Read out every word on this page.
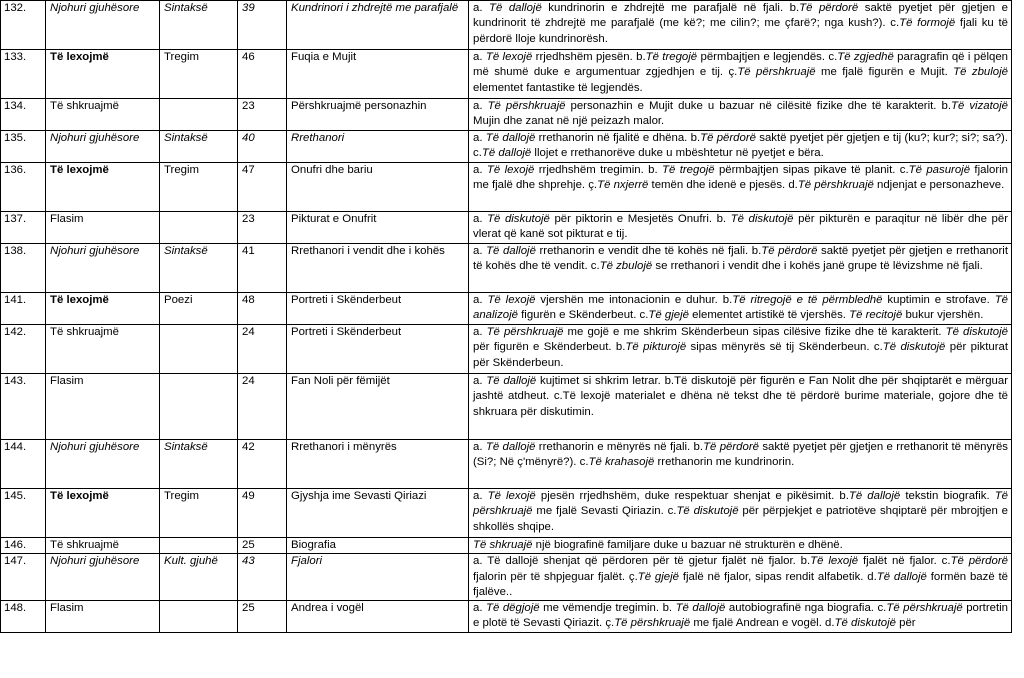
132.	Njohuri gjuhësore	Sintaksë	39	Kundrinori i zhdrejtë me parafjalë	a. Të dallojë kundrinorin e zhdrejtë me parafjalë në fjali. b.Të përdorë saktë pyetjet për gjetjen e kundrinorit të zhdrejtë me parafjalë (me kë?; me cilin?; me çfarë?; nga kush?). c.Të formojë fjali ku të përdorë lloje kundrinorësh.
133.	Të lexojmë	Tregim	46	Fuqia e Mujit	a. Të lexojë rrjedhshëm pjesën. b.Të tregojë përmbajtjen e legjendës. c.Të zgjedhë paragrafin që i pëlqen më shumë duke e argumentuar zgjedhjen e tij. ç.Të përshkruajë me fjalë figurën e Mujit. Të zbulojë elementet fantastike të legjendës.
134.	Të shkruajmë		23	Përshkruajmë personazhin	a. Të përshkruajë personazhin e Mujit duke u bazuar në cilësitë fizike dhe të karakterit. b.Të vizatojë Mujin dhe zanat në një peizazh malor.
135.	Njohuri gjuhësore	Sintaksë	40	Rrethanori	a. Të dallojë rrethanorin në fjalitë e dhëna. b.Të përdorë saktë pyetjet për gjetjen e tij (ku?; kur?; si?; sa?). c.Të dallojë llojet e rrethanorëve duke u mbështetur në pyetjet e bëra.
136.	Të lexojmë	Tregim	47	Onufri dhe bariu	a. Të lexojë rrjedhshëm tregimin. b. Të tregojë përmbajtjen sipas pikave të planit. c.Të pasurojë fjalorin me fjalë dhe shprehje. ç.Të nxjerrë temën dhe idenë e pjesës. d.Të përshkruajë ndjenjat e personazheve.
137.	Flasim		23	Pikturat e Onufrit	a. Të diskutojë për piktorin e Mesjetës Onufri. b. Të diskutojë për pikturën e paraqitur në libër dhe për vlerat që kanë sot pikturat e tij.
138.	Njohuri gjuhësore	Sintaksë	41	Rrethanori i vendit dhe i kohës	a. Të dallojë rrethanorin e vendit dhe të kohës në fjali. b.Të përdorë saktë pyetjet për gjetjen e rrethanorit të kohës dhe të vendit. c.Të zbulojë se rrethanori i vendit dhe i kohës janë grupe të lëvizshme në fjali.
141.	Të lexojmë	Poezi	48	Portreti i Skënderbeut	a. Të lexojë vjershën me intonacionin e duhur. b.Të ritregojë e të përmbledhë kuptimin e strofave. Të analizojë figurën e Skënderbeut. c.Të gjejë elementet artistikë të vjershës. Të recitojë bukur vjershën.
142.	Të shkruajmë		24	Portreti i Skënderbeut	a. Të përshkruajë me gojë e me shkrim Skënderbeun sipas cilësive fizike dhe të karakterit. Të diskutojë për figurën e Skënderbeut. b.Të pikturojë sipas mënyrës së tij Skënderbeun. c.Të diskutojë për pikturat për Skënderbeun.
143.	Flasim		24	Fan Noli për fëmijët	a. Të dallojë kujtimet si shkrim letrar. b.Të diskutojë për figurën e Fan Nolit dhe për shqiptarët e mërguar jashtë atdheut. c.Të lexojë materialet e dhëna në tekst dhe të përdorë burime materiale, gojore dhe të shkruara për diskutimin.
144.	Njohuri gjuhësore	Sintaksë	42	Rrethanori i mënyrës	a. Të dallojë rrethanorin e mënyrës në fjali. b.Të përdorë saktë pyetjet për gjetjen e rrethanorit të mënyrës (Si?; Në ç'mënyrë?). c.Të krahasojë rrethanorin me kundrinorin.
145.	Të lexojmë	Tregim	49	Gjyshja ime Sevasti Qiriazi	a. Të lexojë pjesën rrjedhshëm, duke respektuar shenjat e pikësimit. b.Të dallojë tekstin biografik. Të përshkruajë me fjalë Sevasti Qiriazin. c.Të diskutojë për përpjekjet e patriotëve shqiptarë për mbrojtjen e shkollës shqipe.
146.	Të shkruajmë		25	Biografia	Të shkruajë një biografinë familjare duke u bazuar në strukturën e dhënë.
147.	Njohuri gjuhësore	Kult. gjuhë	43	Fjalori	a. Të dallojë shenjat që përdoren për të gjetur fjalët në fjalor. b.Të lexojë fjalët në fjalor. c.Të përdorë fjalorin për të shpjeguar fjalët. ç.Të gjejë fjalë në fjalor, sipas rendit alfabetik. d.Të dallojë formën bazë të fjalëve..
148.	Flasim		25	Andrea i vogël	a. Të dëgjojë me vëmendje tregimin. b. Të dallojë autobiografinë nga biografia. c.Të përshkruajë portretin e plotë të Sevasti Qiriazit. ç.Të përshkruajë me fjalë Andrean e vogël. d.Të diskutojë për
